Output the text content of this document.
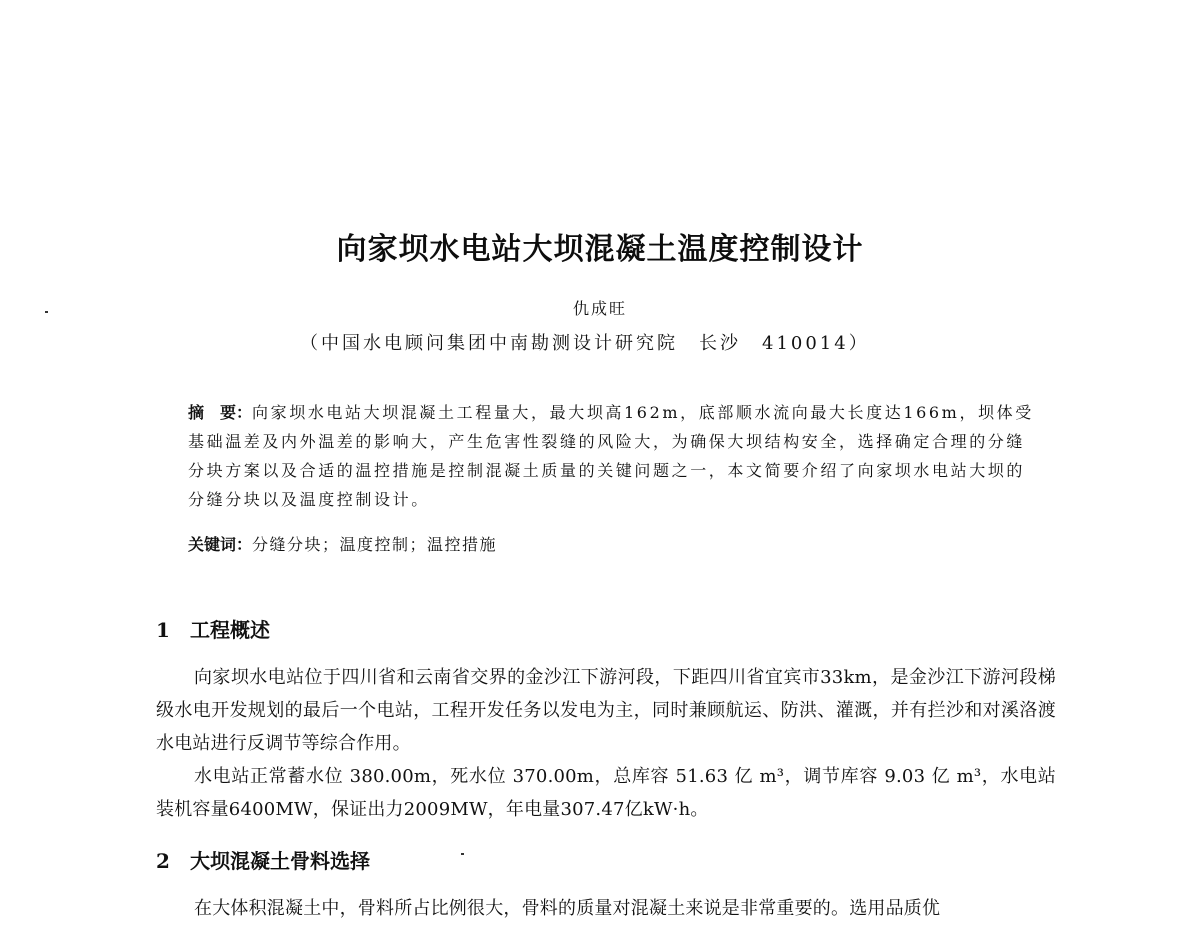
向家坝水电站大坝混凝土温度控制设计
仇成旺
（中国水电顾问集团中南勘测设计研究院　长沙　410014）
摘　要：向家坝水电站大坝混凝土工程量大，最大坝高162m，底部顺水流向最大长度达166m，坝体受基础温差及内外温差的影响大，产生危害性裂缝的风险大，为确保大坝结构安全，选择确定合理的分缝分块方案以及合适的温控措施是控制混凝土质量的关键问题之一，本文简要介绍了向家坝水电站大坝的分缝分块以及温度控制设计。
关键词：分缝分块；温度控制；温控措施
1 工程概述
向家坝水电站位于四川省和云南省交界的金沙江下游河段，下距四川省宜宾市33km，是金沙江下游河段梯级水电开发规划的最后一个电站，工程开发任务以发电为主，同时兼顾航运、防洪、灌溉，并有拦沙和对溪洛渡水电站进行反调节等综合作用。
水电站正常蓄水位 380.00m，死水位 370.00m，总库容 51.63 亿 m³，调节库容 9.03 亿 m³，水电站装机容量6400MW，保证出力2009MW，年电量307.47亿kW·h。
2 大坝混凝土骨料选择
在大体积混凝土中，骨料所占比例很大，骨料的质量对混凝土来说是非常重要的。选用品质优
